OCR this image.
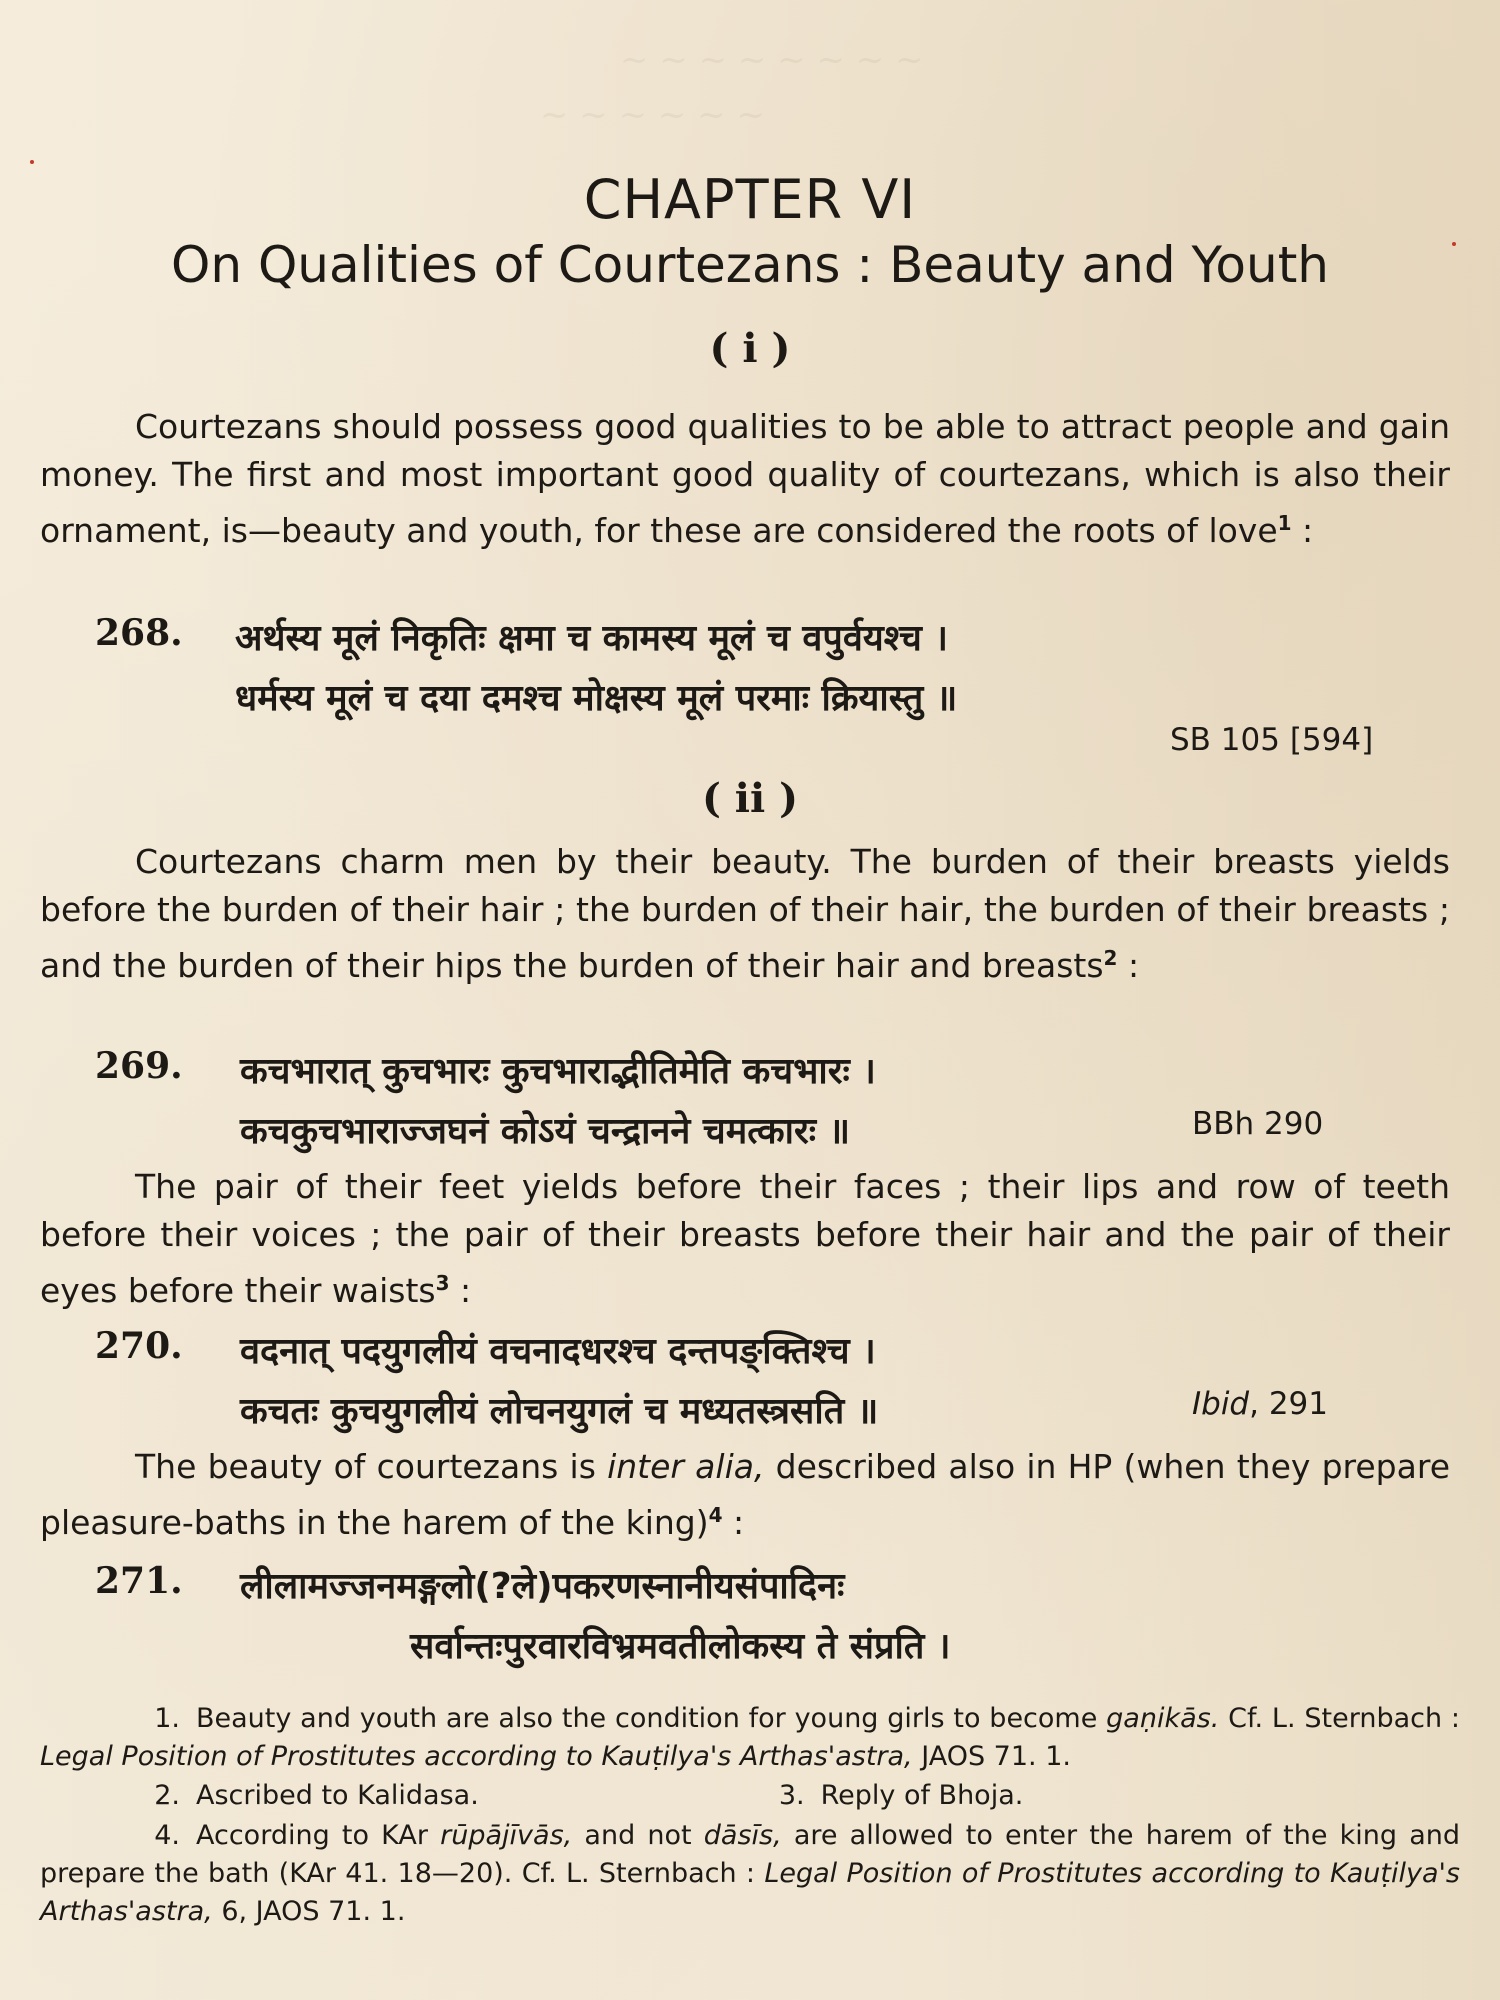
~ ~ ~ ~ ~ ~ ~ ~
~ ~ ~ ~ ~ ~
CHAPTER VI
On Qualities of Courtezans : Beauty and Youth
( i )
Courtezans should possess good qualities to be able to attract people and gain money. The first and most important good quality of courtezans, which is also their ornament, is—beauty and youth, for these are considered the roots of love$^1$ :
268. अर्थस्य मूलं निकृतिः क्षमा च कामस्य मूलं च वपुर्वयश्च ।
धर्मस्य मूलं च दया दमश्च मोक्षस्य मूलं परमाः क्रियास्तु ॥
SB 105 [594]
( ii )
Courtezans charm men by their beauty. The burden of their breasts yields before the burden of their hair ; the burden of their hair, the burden of their breasts ; and the burden of their hips the burden of their hair and breasts$^2$ :
269. कचभारात् कुचभारः कुचभाराद्भीतिमेति कचभारः ।
कचकुचभाराज्जघनं कोऽयं चन्द्रानने चमत्कारः ॥	BBh 290
The pair of their feet yields before their faces ; their lips and row of teeth before their voices ; the pair of their breasts before their hair and the pair of their eyes before their waists$^3$ :
270. वदनात् पदयुगलीयं वचनादधरश्च दन्तपङ्क्तिश्च ।
कचतः कुचयुगलीयं लोचनयुगलं च मध्यतस्त्रसति ॥	Ibid, 291
The beauty of courtezans is inter alia, described also in HP (when they prepare pleasure-baths in the harem of the king)$^4$ :
271. लीलामज्जनमङ्गलो(?ले)पकरणस्नानीयसंपादिनः
सर्वान्तःपुरवारविभ्रमवतीलोकस्य ते संप्रति ।
1. Beauty and youth are also the condition for young girls to become gaṇikās. Cf. L. Sternbach : Legal Position of Prostitutes according to Kauṭilya's Arthas'astra, JAOS 71. 1.
2. Ascribed to Kalidasa.	3. Reply of Bhoja.
4. According to KAr rūpājīvās, and not dāsīs, are allowed to enter the harem of the king and prepare the bath (KAr 41. 18—20). Cf. L. Sternbach : Legal Position of Prostitutes according to Kauṭilya's Arthas'astra, 6, JAOS 71. 1.
